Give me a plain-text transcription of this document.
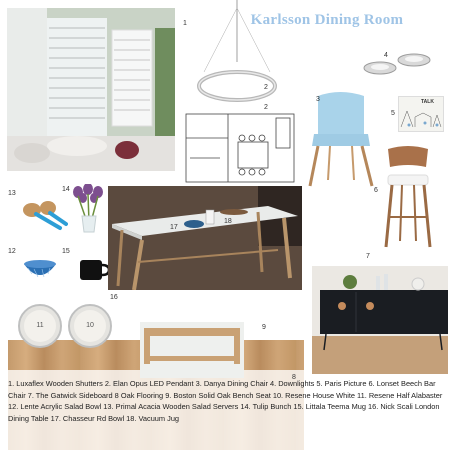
Karlsson Dining Room
1
2
2
3
4
TALK
5
6
13
14
12	15
17
18
16
7
8
9
11	10
1. Luxaflex Wooden Shutters 2. Elan Opus LED Pendant 3. Danya Dining Chair 4. Downlights 5. Paris Picture 6. Lonset Beech Bar Chair 7. The Gatwick Sideboard 8 Oak Flooring 9. Boston Solid Oak Bench Seat 10. Resene House White 11. Resene Half Alabaster 12. Lente Acrylic Salad Bowl 13. Primal Acacia Wooden Salad Servers 14. Tulip Bunch 15. Littala Teema Mug 16. Nick Scali London Dining Table 17. Chasseur Rd Bowl 18. Vacuum Jug
